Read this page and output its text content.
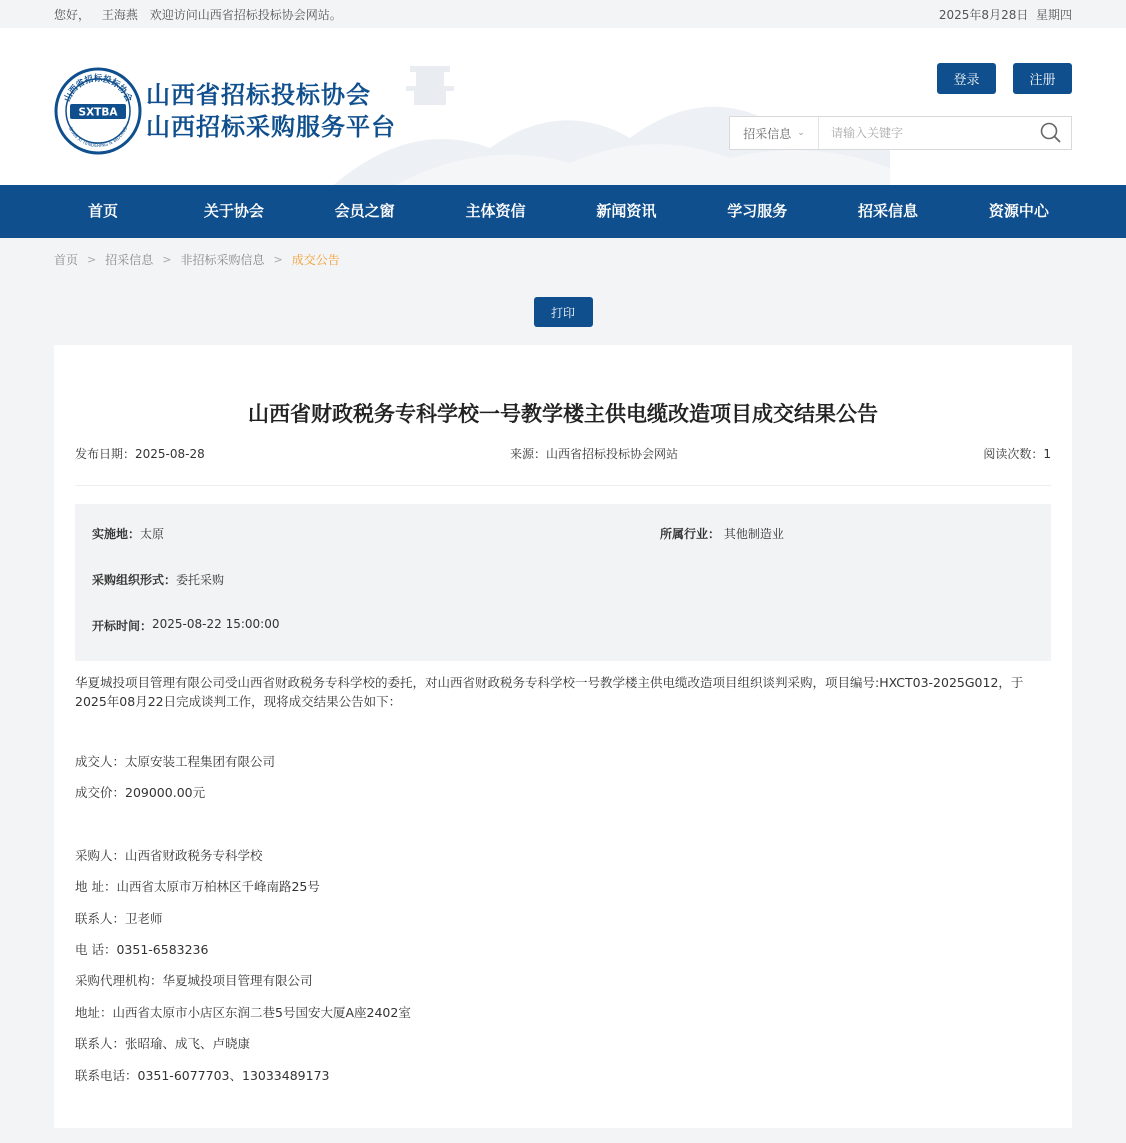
您好， 王海燕 欢迎访问山西省招标投标协会网站。	2025年8月28日 星期四
山西省招标投标协会
SHAN XI TENDERING & BIDDING
SXTBA
山西省招标投标协会
山西招标采购服务平台
登录	注册
招采信息 ⌄
请输入关键字
首页	关于协会	会员之窗	主体资信	新闻资讯	学习服务	招采信息	资源中心
首页 > 招采信息 > 非招标采购信息 > 成交公告
打印
山西省财政税务专科学校一号教学楼主供电缆改造项目成交结果公告
发布日期：2025-08-28	来源：山西省招标投标协会网站	阅读次数：1
实施地： 太原	所属行业： 其他制造业
采购组织形式： 委托采购
开标时间： 2025-08-22 15:00:00

华夏城投项目管理有限公司受山西省财政税务专科学校的委托，对山西省财政税务专科学校一号教学楼主供电缆改造项目组织谈判采购，项目编号:HXCT03-2025G012，于2025年08月22日完成谈判工作，现将成交结果公告如下：

成交人：太原安装工程集团有限公司

成交价：209000.00元

采购人：山西省财政税务专科学校

地 址：山西省太原市万柏林区千峰南路25号

联系人：卫老师

电 话：0351-6583236

采购代理机构：华夏城投项目管理有限公司

地址：山西省太原市小店区东润二巷5号国安大厦A座2402室

联系人：张昭瑜、成飞、卢晓康

联系电话：0351-6077703、13033489173
